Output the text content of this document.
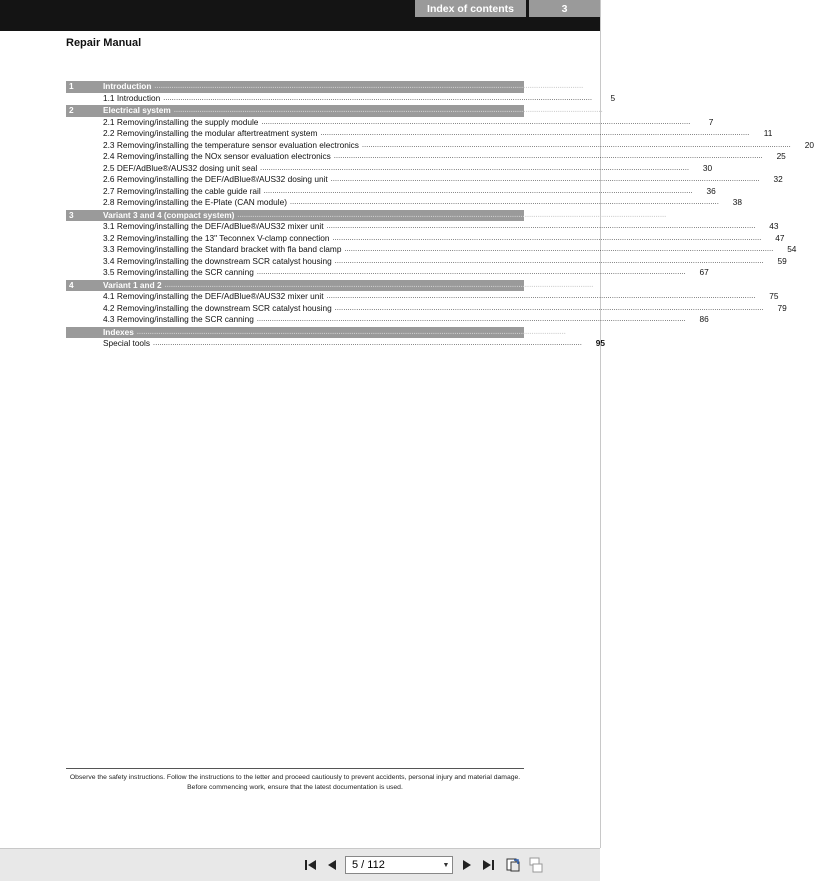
Index of contents	3
Repair Manual
1	Introduction ........................................................................................................................................................................................................	5
1.1 Introduction ........................................................................................................................................................................................................	5
2	Electrical system ........................................................................................................................................................................................................	7
2.1 Removing/installing the supply module ........................................................................................................................................................................................................	7
2.2 Removing/installing the modular aftertreatment system ........................................................................................................................................................................................................	11
2.3 Removing/installing the temperature sensor evaluation electronics ........................................................................................................................................................................................................	20
2.4 Removing/installing the NOx sensor evaluation electronics ........................................................................................................................................................................................................	25
2.5 DEF/AdBlue®/AUS32 dosing unit seal ........................................................................................................................................................................................................	30
2.6 Removing/installing the DEF/AdBlue®/AUS32 dosing unit ........................................................................................................................................................................................................	32
2.7 Removing/installing the cable guide rail ........................................................................................................................................................................................................	36
2.8 Removing/installing the E-Plate (CAN module) ........................................................................................................................................................................................................	38
3	Variant 3 and 4 (compact system) ........................................................................................................................................................................................................	43
3.1 Removing/installing the DEF/AdBlue®/AUS32 mixer unit ........................................................................................................................................................................................................	43
3.2 Removing/installing the 13" Teconnex V-clamp connection ........................................................................................................................................................................................................	47
3.3 Removing/installing the Standard bracket with fla band clamp ........................................................................................................................................................................................................	54
3.4 Removing/installing the downstream SCR catalyst housing ........................................................................................................................................................................................................	59
3.5 Removing/installing the SCR canning ........................................................................................................................................................................................................	67
4	Variant 1 and 2 ........................................................................................................................................................................................................	75
4.1 Removing/installing the DEF/AdBlue®/AUS32 mixer unit ........................................................................................................................................................................................................	75
4.2 Removing/installing the downstream SCR catalyst housing ........................................................................................................................................................................................................	79
4.3 Removing/installing the SCR canning ........................................................................................................................................................................................................	86
Indexes ........................................................................................................................................................................................................	95
Special tools ........................................................................................................................................................................................................	95
Observe the safety instructions. Follow the instructions to the letter and proceed cautiously to prevent accidents, personal injury and material damage. Before commencing work, ensure that the latest documentation is used.
5 / 112	▼
